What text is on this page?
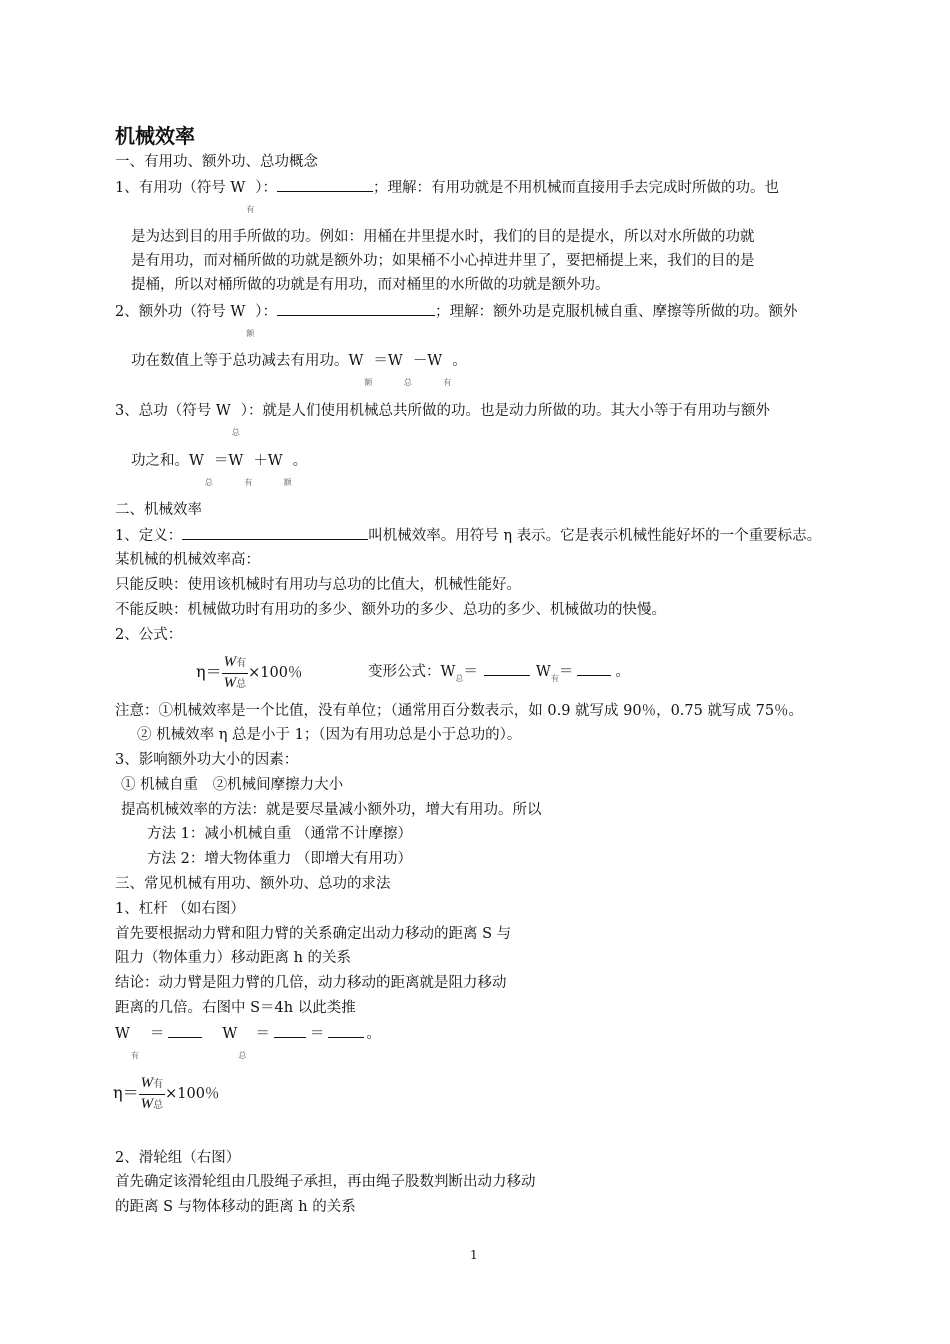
机械效率
一、有用功、额外功、总功概念
1、有用功（符号 $W_有$）：	；理解：有用功就是不用机械而直接用手去完成时所做的功。也
是为达到目的用手所做的功。例如：用桶在井里提水时，我们的目的是提水，所以对水所做的功就
是有用功，而对桶所做的功就是额外功；如果桶不小心掉进井里了，要把桶提上来，我们的目的是
提桶，所以对桶所做的功就是有用功，而对桶里的水所做的功就是额外功。
2、额外功（符号 $W_额$）：	；理解：额外功是克服机械自重、摩擦等所做的功。额外
功在数值上等于总功减去有用功。$W_额=W_总-W_有$。
3、总功（符号 $W_总$）：就是人们使用机械总共所做的功。也是动力所做的功。其大小等于有用功与额外
功之和。$W_总=W_有+W_额$。
二、机械效率
1、定义：	叫机械效率。用符号 η 表示。它是表示机械性能好坏的一个重要标志。
某机械的机械效率高：
只能反映：使用该机械时有用功与总功的比值大，机械性能好。
不能反映：机械做功时有用功的多少、额外功的多少、总功的多少、机械做功的快慢。
2、公式：
$\eta= \frac{\text{W有}}{\text{W总}} \times 100$％	变形公式：$W_总=$	$W_有=$	。
注意：①机械效率是一个比值，没有单位；（通常用百分数表示，如 0.9 就写成 90％，0.75 就写成 75％。
② 机械效率 η 总是小于 1；（因为有用功总是小于总功的）。
3、影响额外功大小的因素：
① 机械自重　②机械间摩擦力大小
提高机械效率的方法：就是要尽量减小额外功，增大有用功。所以
方法 1：减小机械自重 （通常不计摩擦）
方法 2：增大物体重力 （即增大有用功）
三、常见机械有用功、额外功、总功的求法
1、杠杆 （如右图）
首先要根据动力臂和阻力臂的关系确定出动力移动的距离 S 与
阻力（物体重力）移动距离 h 的关系
结论：动力臂是阻力臂的几倍，动力移动的距离就是阻力移动
距离的几倍。右图中 S＝4h 以此类推
$W_有=$	$W_总=$	＝	。
$\eta= \frac{\text{W有}}{\text{W总}} \times 100$％
2、滑轮组（右图）
首先确定该滑轮组由几股绳子承担，再由绳子股数判断出动力移动
的距离 S 与物体移动的距离 h 的关系
1
